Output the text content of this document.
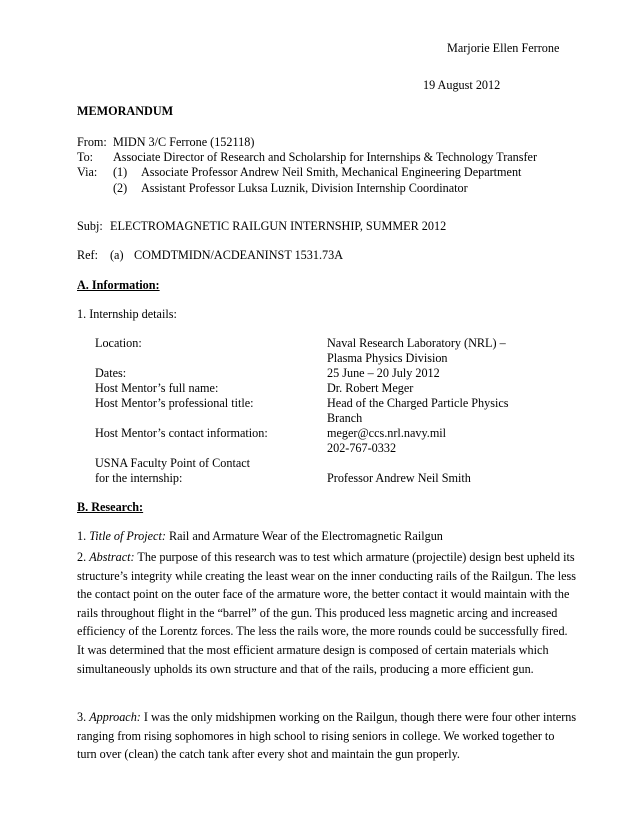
Marjorie Ellen Ferrone
19 August 2012
MEMORANDUM
From: MIDN 3/C Ferrone (152118)
To: Associate Director of Research and Scholarship for Internships & Technology Transfer
Via: (1) Associate Professor Andrew Neil Smith, Mechanical Engineering Department
(2) Assistant Professor Luksa Luznik, Division Internship Coordinator
Subj: ELECTROMAGNETIC RAILGUN INTERNSHIP, SUMMER 2012
Ref: (a) COMDTMIDN/ACDEANINST 1531.73A
A. Information:
1. Internship details:
Location:	Naval Research Laboratory (NRL) –
Plasma Physics Division
Dates:	25 June – 20 July 2012
Host Mentor’s full name:	Dr. Robert Meger
Host Mentor’s professional title:	Head of the Charged Particle Physics
Branch
Host Mentor’s contact information:	meger@ccs.nrl.navy.mil
202-767-0332
USNA Faculty Point of Contact
for the internship:	Professor Andrew Neil Smith
B. Research:
1. Title of Project: Rail and Armature Wear of the Electromagnetic Railgun
2. Abstract: The purpose of this research was to test which armature (projectile) design best upheld its structure’s integrity while creating the least wear on the inner conducting rails of the Railgun. The less the contact point on the outer face of the armature wore, the better contact it would maintain with the rails throughout flight in the “barrel” of the gun. This produced less magnetic arcing and increased efficiency of the Lorentz forces. The less the rails wore, the more rounds could be successfully fired. It was determined that the most efficient armature design is composed of certain materials which simultaneously upholds its own structure and that of the rails, producing a more efficient gun.
3. Approach: I was the only midshipmen working on the Railgun, though there were four other interns ranging from rising sophomores in high school to rising seniors in college. We worked together to turn over (clean) the catch tank after every shot and maintain the gun properly.
